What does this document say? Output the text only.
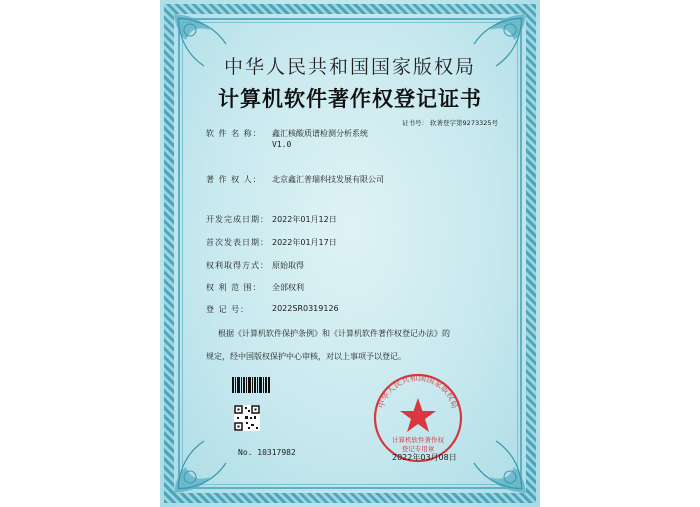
中华人民共和国国家版权局
计算机软件著作权登记证书
证书号： 软著登字第9273325号
软 件 名 称： 鑫汇核酸质谱检测分析系统
V1.0
著 作 权 人： 北京鑫汇普瑞科技发展有限公司
开发完成日期： 2022年01月12日
首次发表日期： 2022年01月17日
权利取得方式： 原始取得
权 利 范 围： 全部权利
登 记 号：	2022SR0319126
根据《计算机软件保护条例》和《计算机软件著作权登记办法》的
规定，经中国版权保护中心审核，对以上事项予以登记。
No. 10317982
中华人民共和国国家版权局
计算机软件著作权
登记专用章
2022年03月08日
